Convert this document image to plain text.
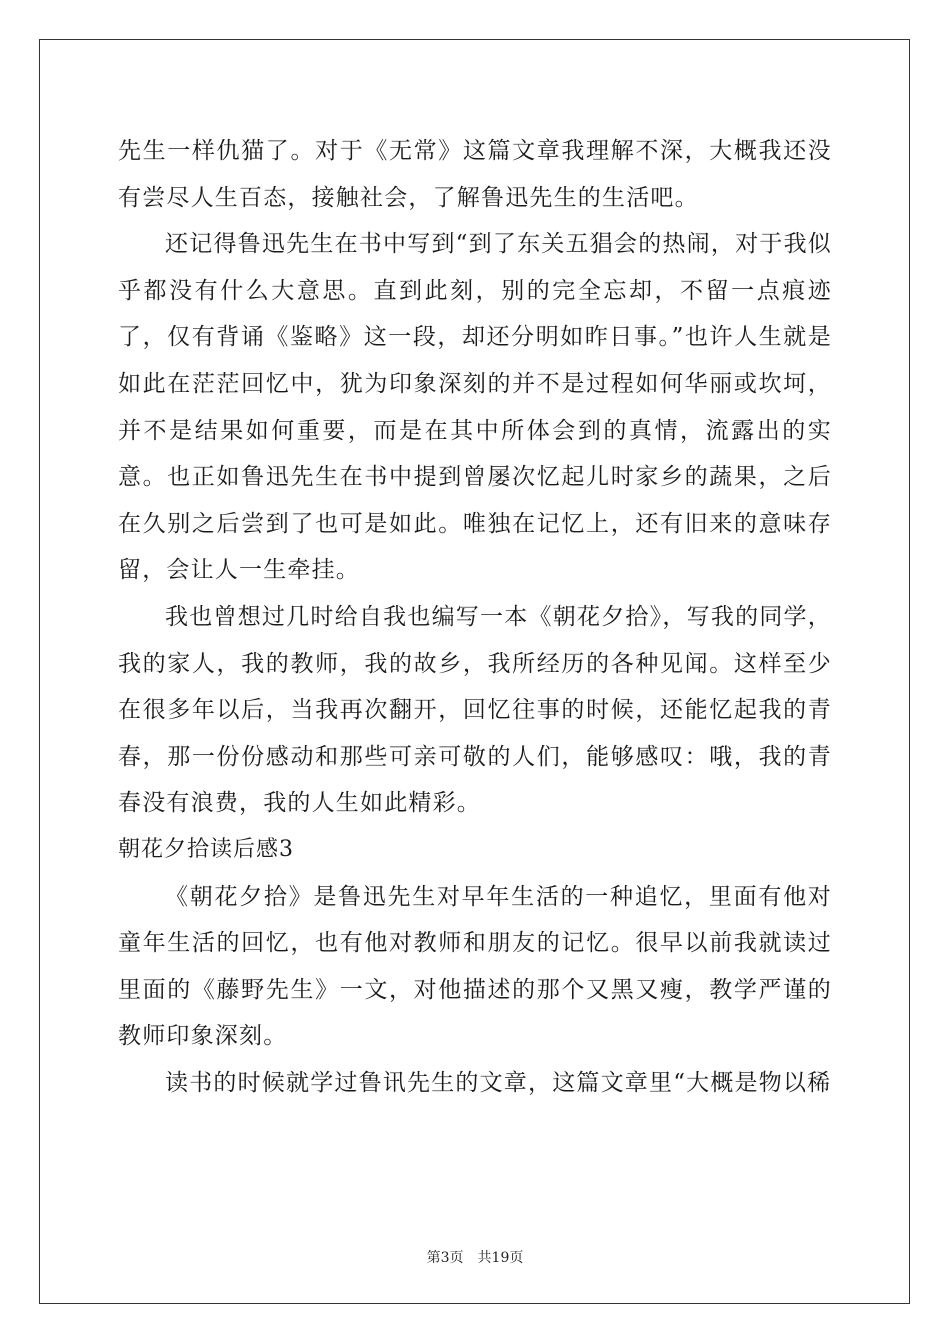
先生一样仇猫了。对于《无常》这篇文章我理解不深，大概我还没有尝尽人生百态，接触社会，了解鲁迅先生的生活吧。

还记得鲁迅先生在书中写到“到了东关五猖会的热闹，对于我似乎都没有什么大意思。直到此刻，别的完全忘却，不留一点痕迹了，仅有背诵《鉴略》这一段，却还分明如昨日事。”也许人生就是如此在茫茫回忆中，犹为印象深刻的并不是过程如何华丽或坎坷，并不是结果如何重要，而是在其中所体会到的真情，流露出的实意。也正如鲁迅先生在书中提到曾屡次忆起儿时家乡的蔬果，之后在久别之后尝到了也可是如此。唯独在记忆上，还有旧来的意味存留，会让人一生牵挂。

我也曾想过几时给自我也编写一本《朝花夕拾》，写我的同学，我的家人，我的教师，我的故乡，我所经历的各种见闻。这样至少在很多年以后，当我再次翻开，回忆往事的时候，还能忆起我的青春，那一份份感动和那些可亲可敬的人们，能够感叹：哦，我的青春没有浪费，我的人生如此精彩。

朝花夕拾读后感3

《朝花夕拾》是鲁迅先生对早年生活的一种追忆，里面有他对童年生活的回忆，也有他对教师和朋友的记忆。很早以前我就读过里面的《藤野先生》一文，对他描述的那个又黑又瘦，教学严谨的教师印象深刻。

读书的时候就学过鲁讯先生的文章，这篇文章里“大概是物以稀

第3页 共19页
